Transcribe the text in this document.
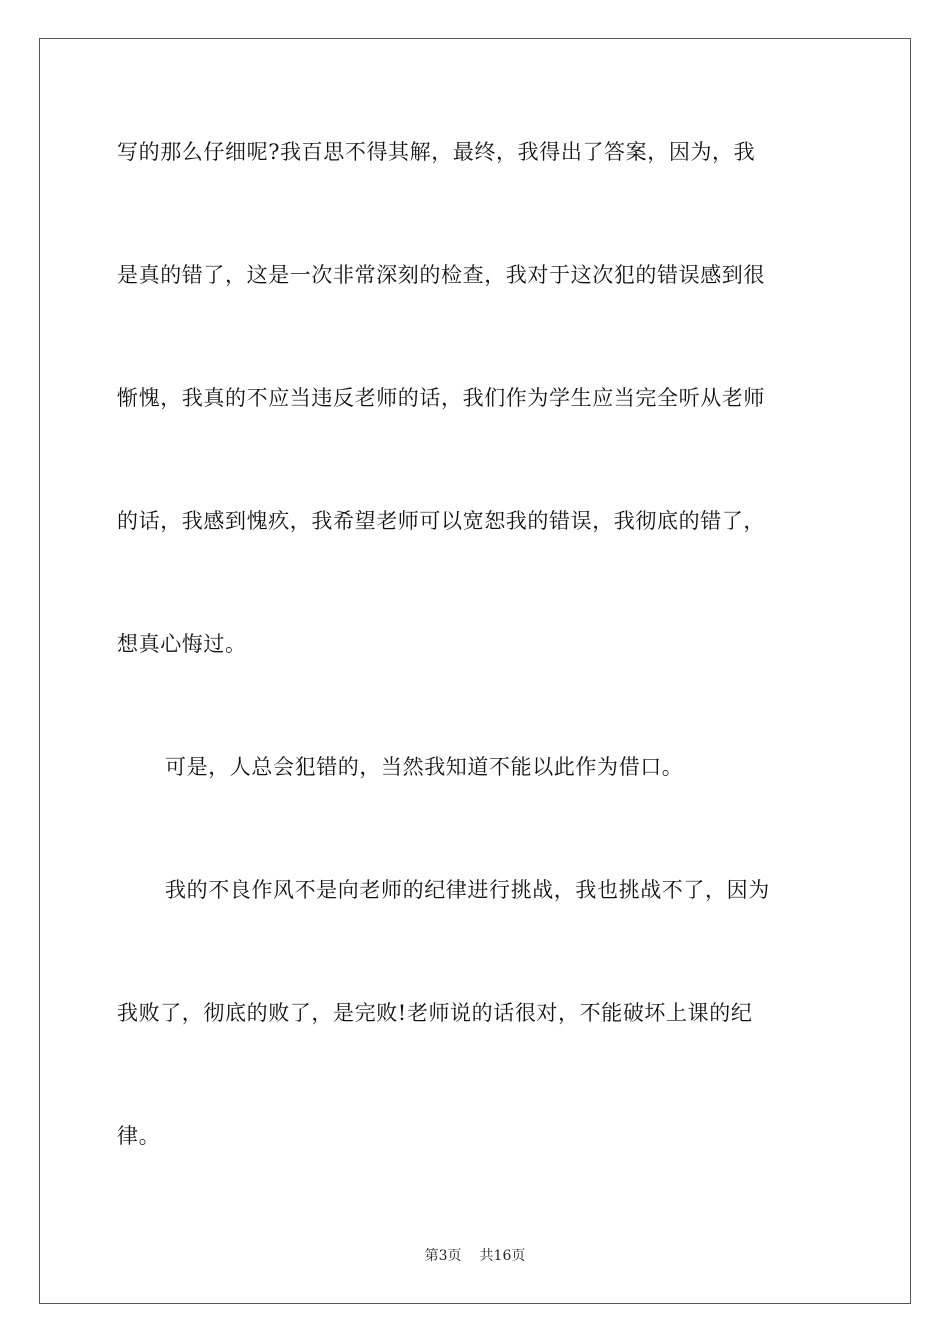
写的那么仔细呢?我百思不得其解，最终，我得出了答案，因为，我
是真的错了，这是一次非常深刻的检查，我对于这次犯的错误感到很
惭愧，我真的不应当违反老师的话，我们作为学生应当完全听从老师
的话，我感到愧疚，我希望老师可以宽恕我的错误，我彻底的错了，
想真心悔过。
可是，人总会犯错的，当然我知道不能以此作为借口。
我的不良作风不是向老师的纪律进行挑战，我也挑战不了，因为
我败了，彻底的败了，是完败!老师说的话很对，不能破坏上课的纪
律。
第3页 共16页
